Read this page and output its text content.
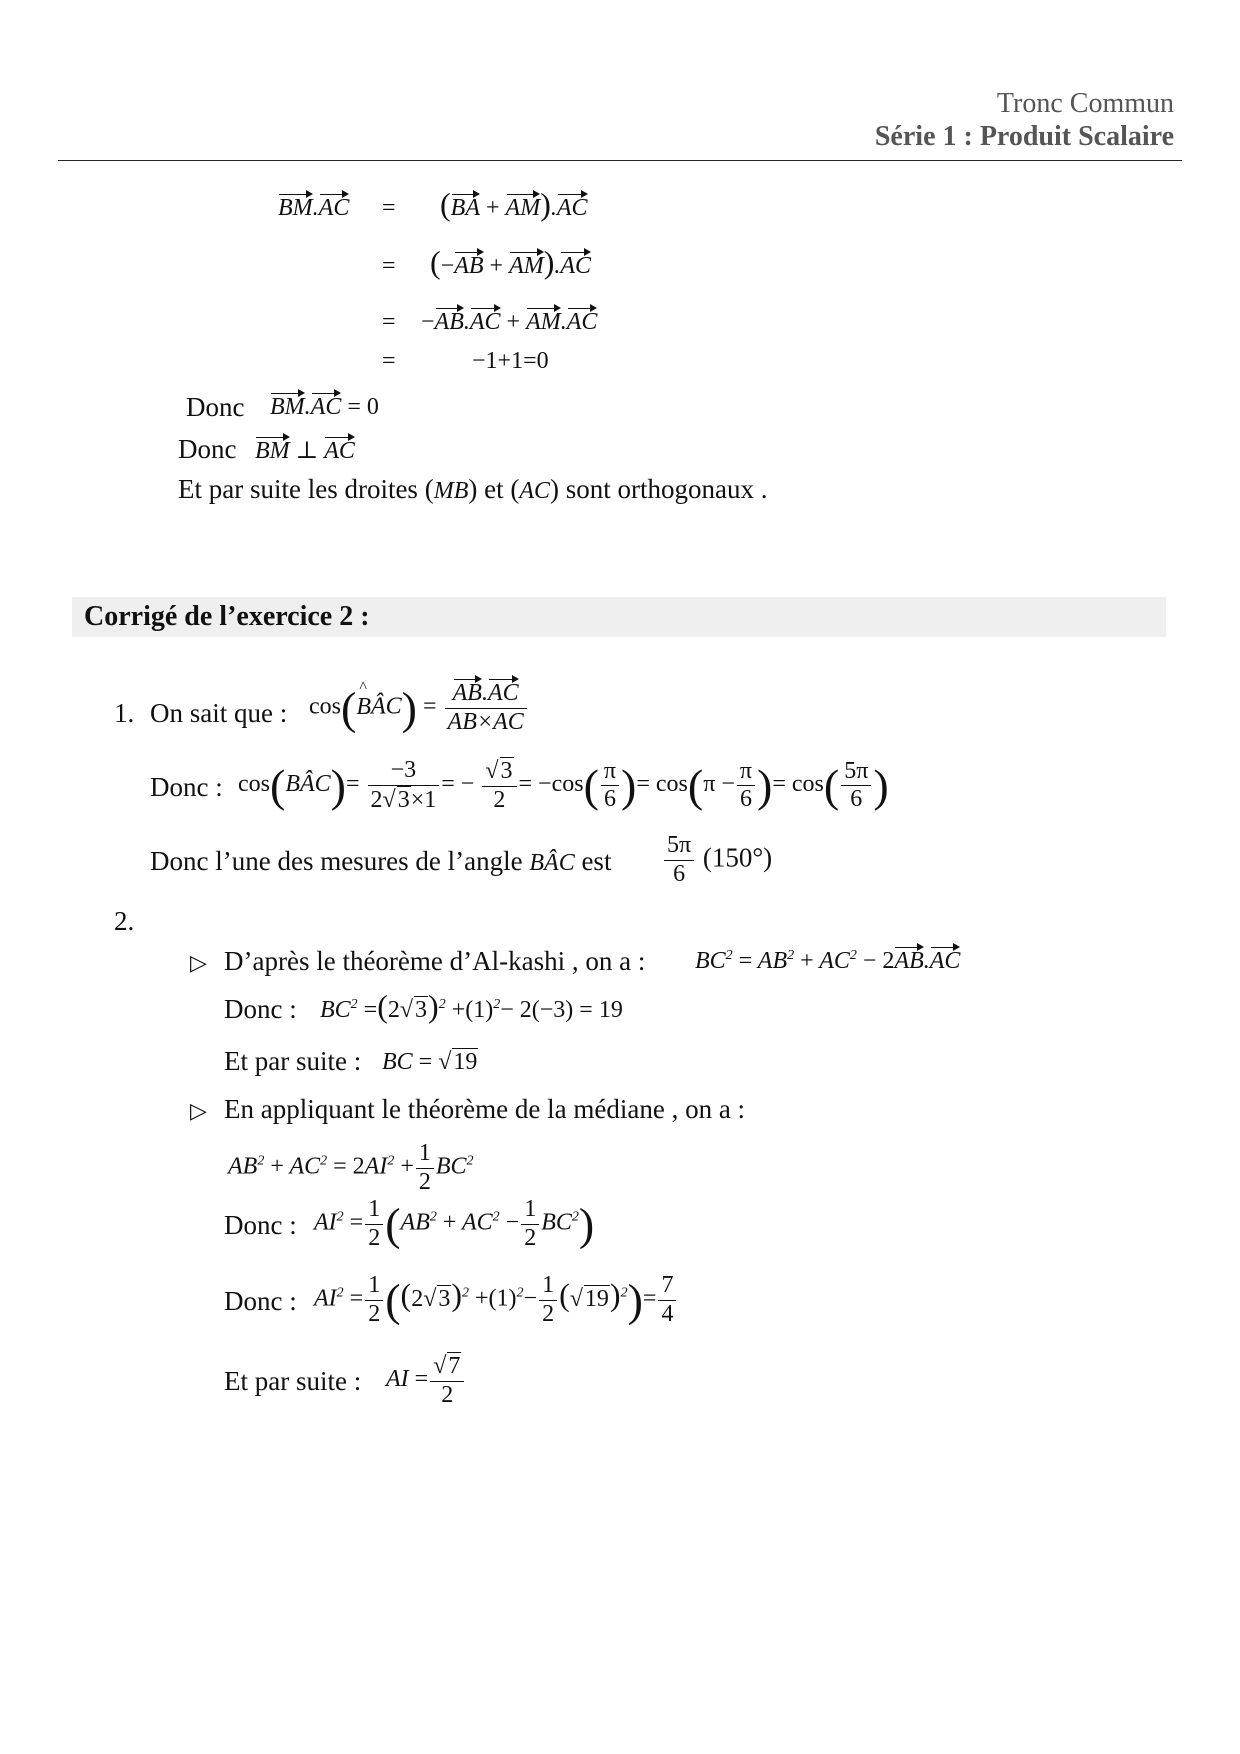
Tronc Commun
Série 1 : Produit Scalaire
BM.AC = (BA + AM).AC
= (−AB + AM).AC
= −AB.AC + AM.AC
=	−1+1=0
Donc BM.AC = 0
Donc BM ⊥ AC
Et par suite les droites (MB) et (AC) sont orthogonaux .
Corrigé de l’exercice 2 :
1. On sait que : cos(^ BÂC) = $\frac{AB.AC}{AB\times AC}$
Donc : cos(BÂC)= $\frac{-3}{2√3\times 1}$ = − $\frac{√3}{2} = -\cos( \frac{\pi}{6}$ )= $\cos(\pi - \frac{\pi}{6}$ )= $\cos( \frac{5\pi}{6}$ )
Donc l’une des mesures de l’angle BÂC est $\frac{5\pi}{6} (150^\circ)$
2.
▷ D’après le théorème d’Al-kashi , on a : $BC^2 = AB^2 + AC^2 - 2AB.AC$
Donc : $BC^2 =(2√3)^2 +(1)^2- 2(-3) = 19$
Et par suite : BC = √19
▷ En appliquant le théorème de la médiane , on a :
$AB^2 + AC^2 = 2AI^2 + \frac{1}{2} BC^2$
Donc : $AI^2 = \frac{1}{2} (AB^2 + AC^2 - \frac{1}{2} BC^2)$
Donc : $AI^2 = \frac{1}{2} ((2√3)^2 +(1)^2- \frac{1}{2} (√19)^2)= \frac{7}{4}$
Et par suite : AI = $\frac{√7}{2}$
